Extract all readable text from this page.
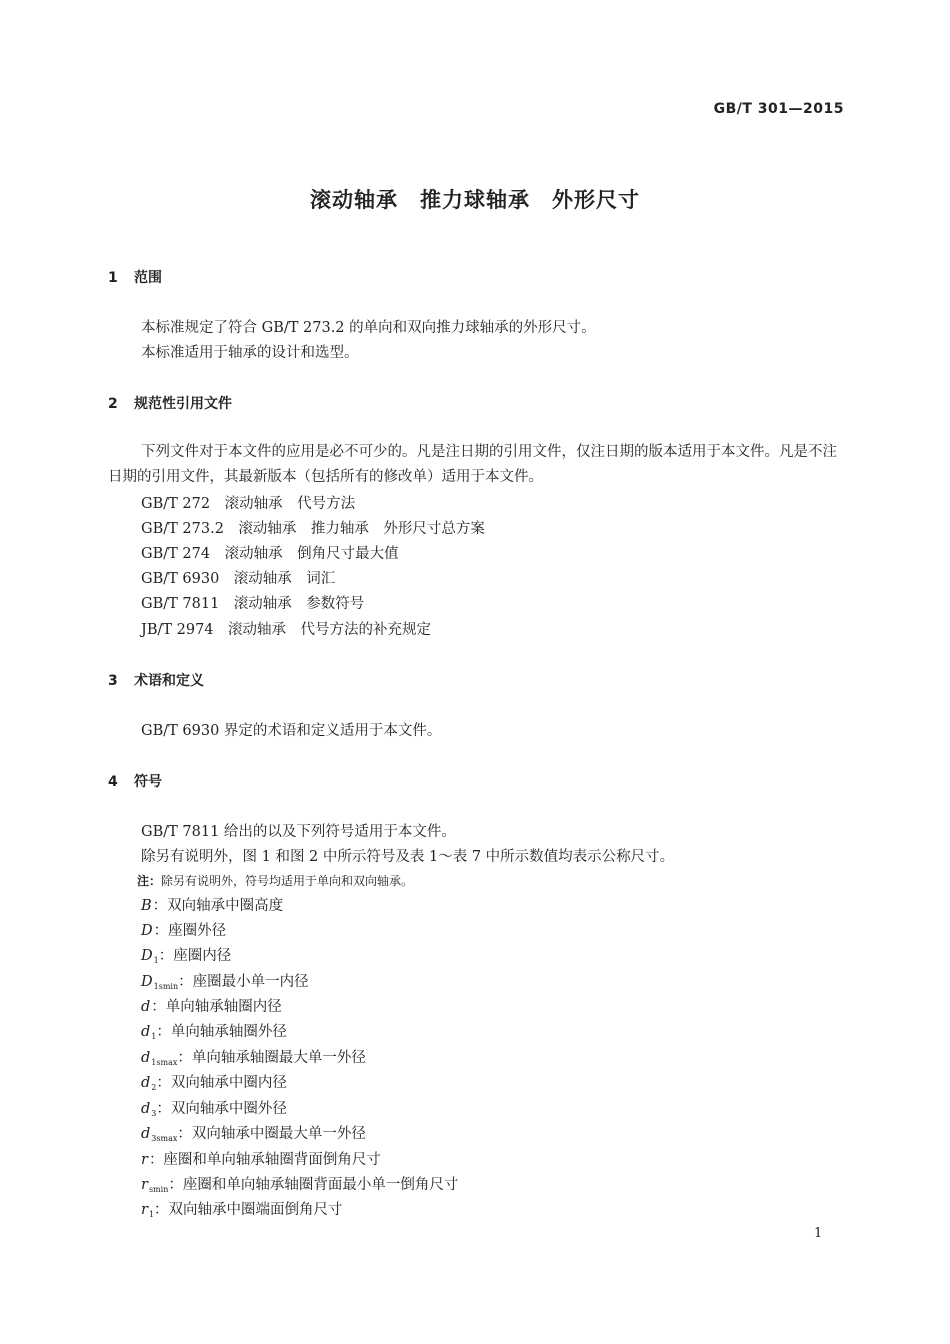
GB/T 301—2015
滚动轴承　推力球轴承　外形尺寸
1 范围
本标准规定了符合 GB/T 273.2 的单向和双向推力球轴承的外形尺寸。
本标准适用于轴承的设计和选型。
2 规范性引用文件
下列文件对于本文件的应用是必不可少的。凡是注日期的引用文件，仅注日期的版本适用于本文件。凡是不注日期的引用文件，其最新版本（包括所有的修改单）适用于本文件。
GB/T 272　滚动轴承　代号方法
GB/T 273.2　滚动轴承　推力轴承　外形尺寸总方案
GB/T 274　滚动轴承　倒角尺寸最大值
GB/T 6930　滚动轴承　词汇
GB/T 7811　滚动轴承　参数符号
JB/T 2974　滚动轴承　代号方法的补充规定
3 术语和定义
GB/T 6930 界定的术语和定义适用于本文件。
4 符号
GB/T 7811 给出的以及下列符号适用于本文件。
除另有说明外，图 1 和图 2 中所示符号及表 1～表 7 中所示数值均表示公称尺寸。
注：除另有说明外，符号均适用于单向和双向轴承。
B：双向轴承中圈高度
D：座圈外径
$D_1$：座圈内径
$D_{1smin}$：座圈最小单一内径
d：单向轴承轴圈内径
$d_1$：单向轴承轴圈外径
$d_{1smax}$：单向轴承轴圈最大单一外径
$d_2$：双向轴承中圈内径
$d_3$：双向轴承中圈外径
$d_{3smax}$：双向轴承中圈最大单一外径
r：座圈和单向轴承轴圈背面倒角尺寸
$r_{smin}$：座圈和单向轴承轴圈背面最小单一倒角尺寸
$r_1$：双向轴承中圈端面倒角尺寸
1
